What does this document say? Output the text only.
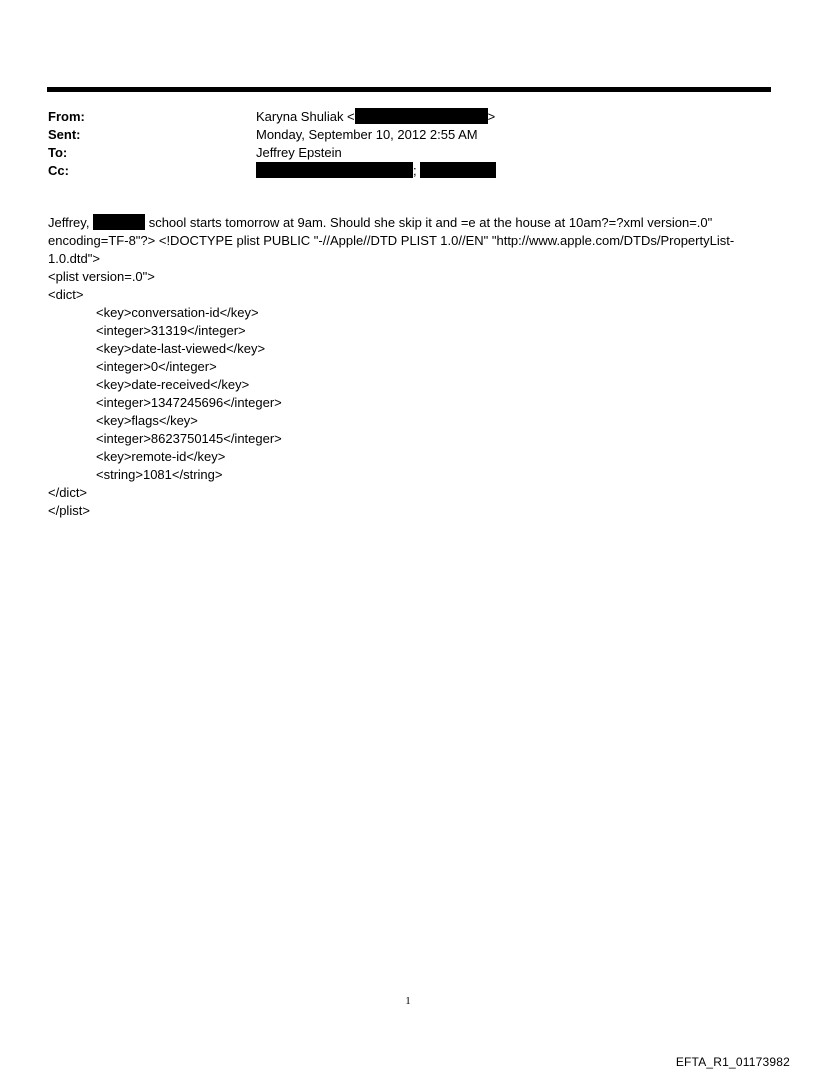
From:	Karyna Shuliak <	>
Sent:	Monday, September 10, 2012 2:55 AM
To:	Jeffrey Epstein
Cc:	;
Jeffrey,	school starts tomorrow at 9am. Should she skip it and =e at the house at 10am?=?xml version=.0"
encoding=TF-8"?> <!DOCTYPE plist PUBLIC "-//Apple//DTD PLIST 1.0//EN" "http://www.apple.com/DTDs/PropertyList-
1.0.dtd">
<plist version=.0">
<dict>
<key>conversation-id</key>
<integer>31319</integer>
<key>date-last-viewed</key>
<integer>0</integer>
<key>date-received</key>
<integer>1347245696</integer>
<key>flags</key>
<integer>8623750145</integer>
<key>remote-id</key>
<string>1081</string>
</dict>
</plist>
1
EFTA_R1_01173982
